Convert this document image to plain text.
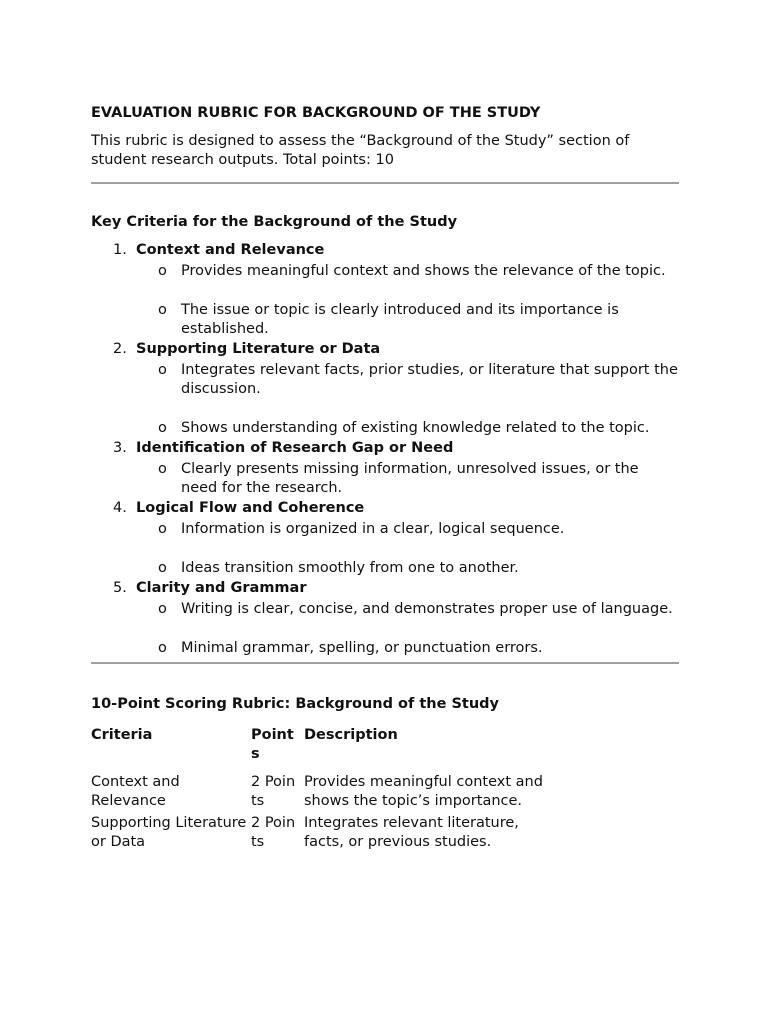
EVALUATION RUBRIC FOR BACKGROUND OF THE STUDY

This rubric is designed to assess the “Background of the Study” section of student research outputs. Total points: 10

Key Criteria for the Background of the Study
1. Context and Relevance
o Provides meaningful context and shows the relevance of the topic.
o The issue or topic is clearly introduced and its importance is established.
2. Supporting Literature or Data
o Integrates relevant facts, prior studies, or literature that support the discussion.
o Shows understanding of existing knowledge related to the topic.
3. Identification of Research Gap or Need
o Clearly presents missing information, unresolved issues, or the need for the research.
4. Logical Flow and Coherence
o Information is organized in a clear, logical sequence.
o Ideas transition smoothly from one to another.
5. Clarity and Grammar
o Writing is clear, concise, and demonstrates proper use of language.
o Minimal grammar, spelling, or punctuation errors.
10-Point Scoring Rubric: Background of the Study
Criteria	Points
Description
Context and Relevance
2 Points
Provides meaningful context and shows the topic’s importance.
Supporting Literature or Data
2 Points
Integrates relevant literature, facts, or previous studies.
